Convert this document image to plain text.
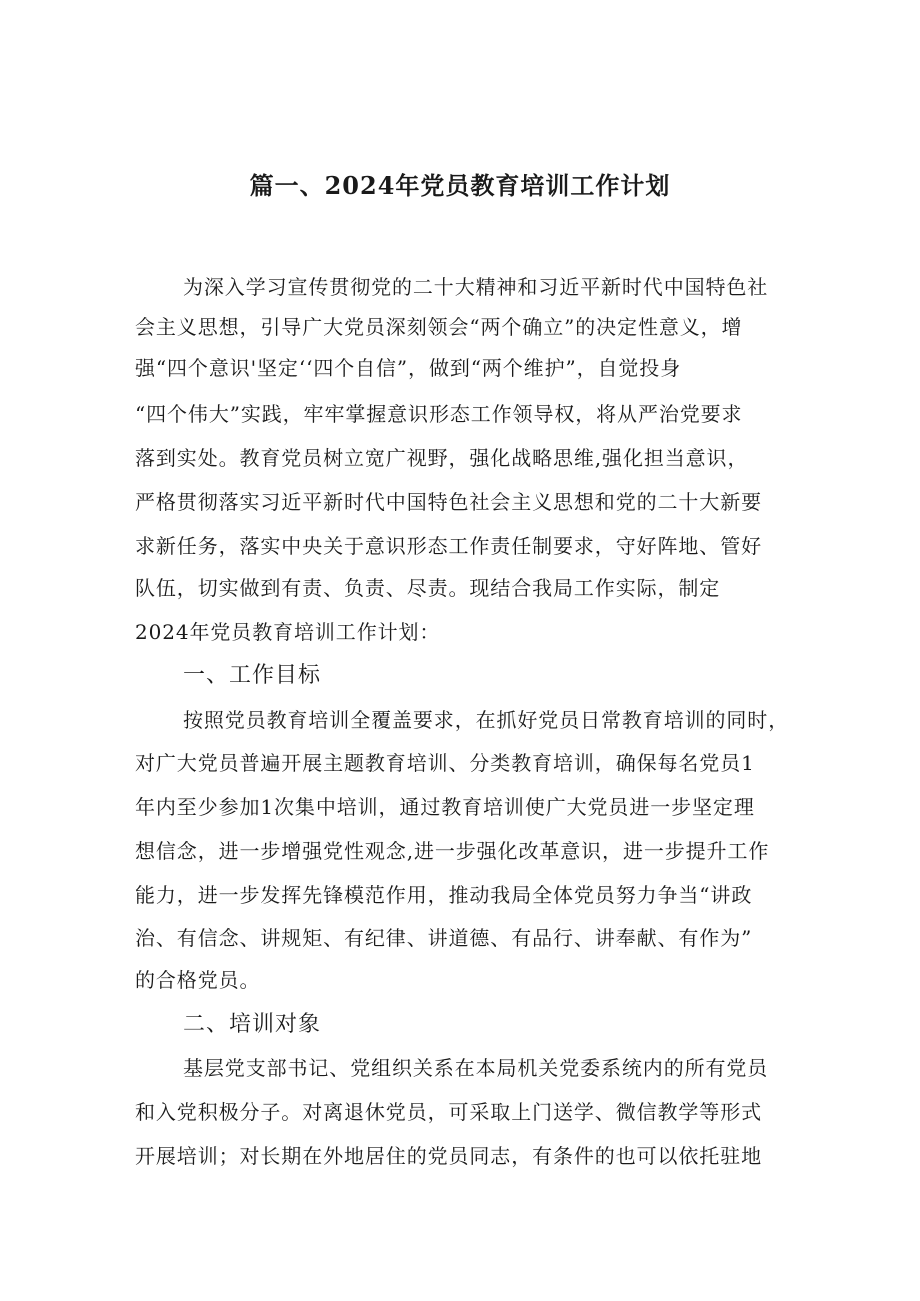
篇一、2024年党员教育培训工作计划
为深入学习宣传贯彻党的二十大精神和习近平新时代中国特色社
会主义思想，引导广大党员深刻领会“两个确立”的决定性意义，增
强“四个意识'坚定‘‘四个自信”，做到“两个维护”，自觉投身
“四个伟大”实践，牢牢掌握意识形态工作领导权，将从严治党要求
落到实处。教育党员树立宽广视野，强化战略思维,强化担当意识，
严格贯彻落实习近平新时代中国特色社会主义思想和党的二十大新要
求新任务，落实中央关于意识形态工作责任制要求，守好阵地、管好
队伍，切实做到有责、负责、尽责。现结合我局工作实际，制定
2024年党员教育培训工作计划：
一、工作目标
按照党员教育培训全覆盖要求，在抓好党员日常教育培训的同时，
对广大党员普遍开展主题教育培训、分类教育培训，确保每名党员1
年内至少参加1次集中培训，通过教育培训使广大党员进一步坚定理
想信念，进一步增强党性观念,进一步强化改革意识，进一步提升工作
能力，进一步发挥先锋模范作用，推动我局全体党员努力争当“讲政
治、有信念、讲规矩、有纪律、讲道德、有品行、讲奉献、有作为”
的合格党员。
二、培训对象
基层党支部书记、党组织关系在本局机关党委系统内的所有党员
和入党积极分子。对离退休党员，可采取上门送学、微信教学等形式
开展培训；对长期在外地居住的党员同志，有条件的也可以依托驻地
